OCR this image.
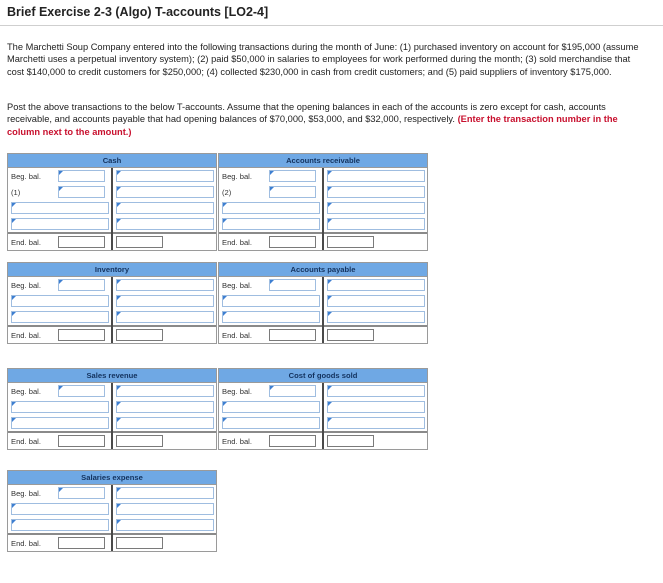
Brief Exercise 2-3 (Algo) T-accounts [LO2-4]
The Marchetti Soup Company entered into the following transactions during the month of June: (1) purchased inventory on account for $195,000 (assume Marchetti uses a perpetual inventory system); (2) paid $50,000 in salaries to employees for work performed during the month; (3) sold merchandise that cost $140,000 to credit customers for $250,000; (4) collected $230,000 in cash from credit customers; and (5) paid suppliers of inventory $175,000.
Post the above transactions to the below T-accounts. Assume that the opening balances in each of the accounts is zero except for cash, accounts receivable, and accounts payable that had opening balances of $70,000, $53,000, and $32,000, respectively. (Enter the transaction number in the column next to the amount.)
Cash
Beg. bal.
(1)
End. bal.
Accounts receivable
Beg. bal.
(2)
End. bal.
Inventory
Beg. bal.
End. bal.
Accounts payable
Beg. bal.
End. bal.
Sales revenue
Beg. bal.
End. bal.
Cost of goods sold
Beg. bal.
End. bal.
Salaries expense
Beg. bal.
End. bal.
